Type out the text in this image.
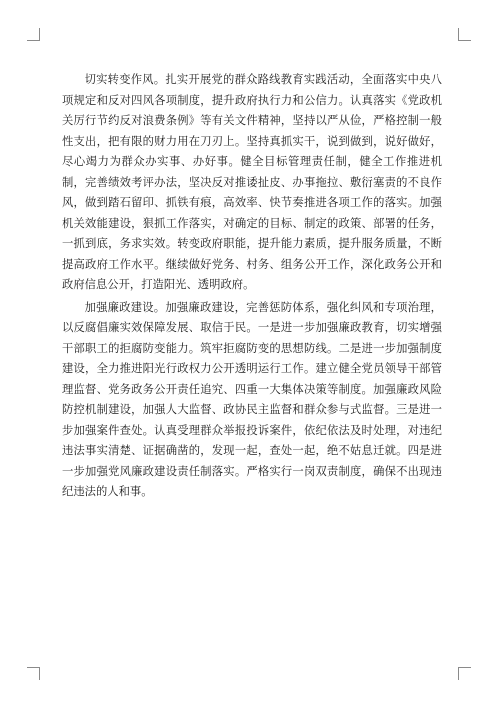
切实转变作风。扎实开展党的群众路线教育实践活动，全面落实中央八项规定和反对四风各项制度，提升政府执行力和公信力。认真落实《党政机关厉行节约反对浪费条例》等有关文件精神，坚持以严从俭，严格控制一般性支出，把有限的财力用在刀刃上。坚持真抓实干，说到做到，说好做好，尽心竭力为群众办实事、办好事。健全目标管理责任制，健全工作推进机制，完善绩效考评办法，坚决反对推诿扯皮、办事拖拉、敷衍塞责的不良作风，做到踏石留印、抓铁有痕，高效率、快节奏推进各项工作的落实。加强机关效能建设，狠抓工作落实，对确定的目标、制定的政策、部署的任务，一抓到底，务求实效。转变政府职能，提升能力素质，提升服务质量，不断提高政府工作水平。继续做好党务、村务、组务公开工作，深化政务公开和政府信息公开，打造阳光、透明政府。

加强廉政建设。加强廉政建设，完善惩防体系，强化纠风和专项治理，以反腐倡廉实效保障发展、取信于民。一是进一步加强廉政教育，切实增强干部职工的拒腐防变能力。筑牢拒腐防变的思想防线。二是进一步加强制度建设，全力推进阳光行政权力公开透明运行工作。建立健全党员领导干部管理监督、党务政务公开责任追究、四重一大集体决策等制度。加强廉政风险防控机制建设，加强人大监督、政协民主监督和群众参与式监督。三是进一步加强案件查处。认真受理群众举报投诉案件，依纪依法及时处理，对违纪违法事实清楚、证据确凿的，发现一起，查处一起，绝不姑息迁就。四是进一步加强党风廉政建设责任制落实。严格实行一岗双责制度，确保不出现违纪违法的人和事。
